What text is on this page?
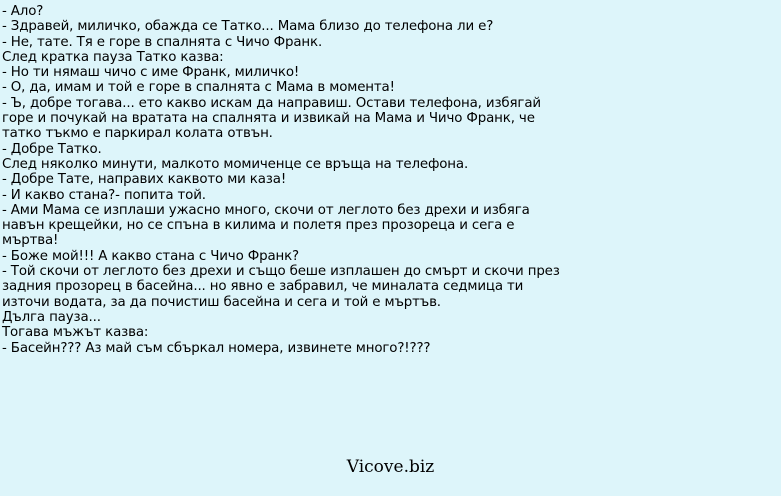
- Ало?
- Здравей, миличко, обажда се Татко... Мама близо до телефона ли е?
- Не, тате. Тя е горе в спалнята с Чичо Франк.
След кратка пауза Татко казва:
- Но ти нямаш чичо с име Франк, миличко!
- О, да, имам и той е горе в спалнята с Мама в момента!
- Ъ, добре тогава... ето какво искам да направиш. Остави телефона, избягай
горе и почукай на вратата на спалнята и извикай на Мама и Чичо Франк, че
татко тъкмо е паркирал колата отвън.
- Добре Татко.
След няколко минути, малкото момиченце се връща на телефона.
- Добре Тате, направих каквото ми каза!
- И какво стана?- попита той.
- Ами Мама се изплаши ужасно много, скочи от леглото без дрехи и избяга
навън крещейки, но се спъна в килима и полетя през прозореца и сега е
мъртва!
- Боже мой!!! А какво стана с Чичо Франк?
- Той скочи от леглото без дрехи и също беше изплашен до смърт и скочи през
задния прозорец в басейна... но явно е забравил, че миналата седмица ти
източи водата, за да почистиш басейна и сега и той е мъртъв.
Дълга пауза...
Тогава мъжът казва:
- Басейн??? Аз май съм сбъркал номера, извинете много?!???
Vicove.biz
